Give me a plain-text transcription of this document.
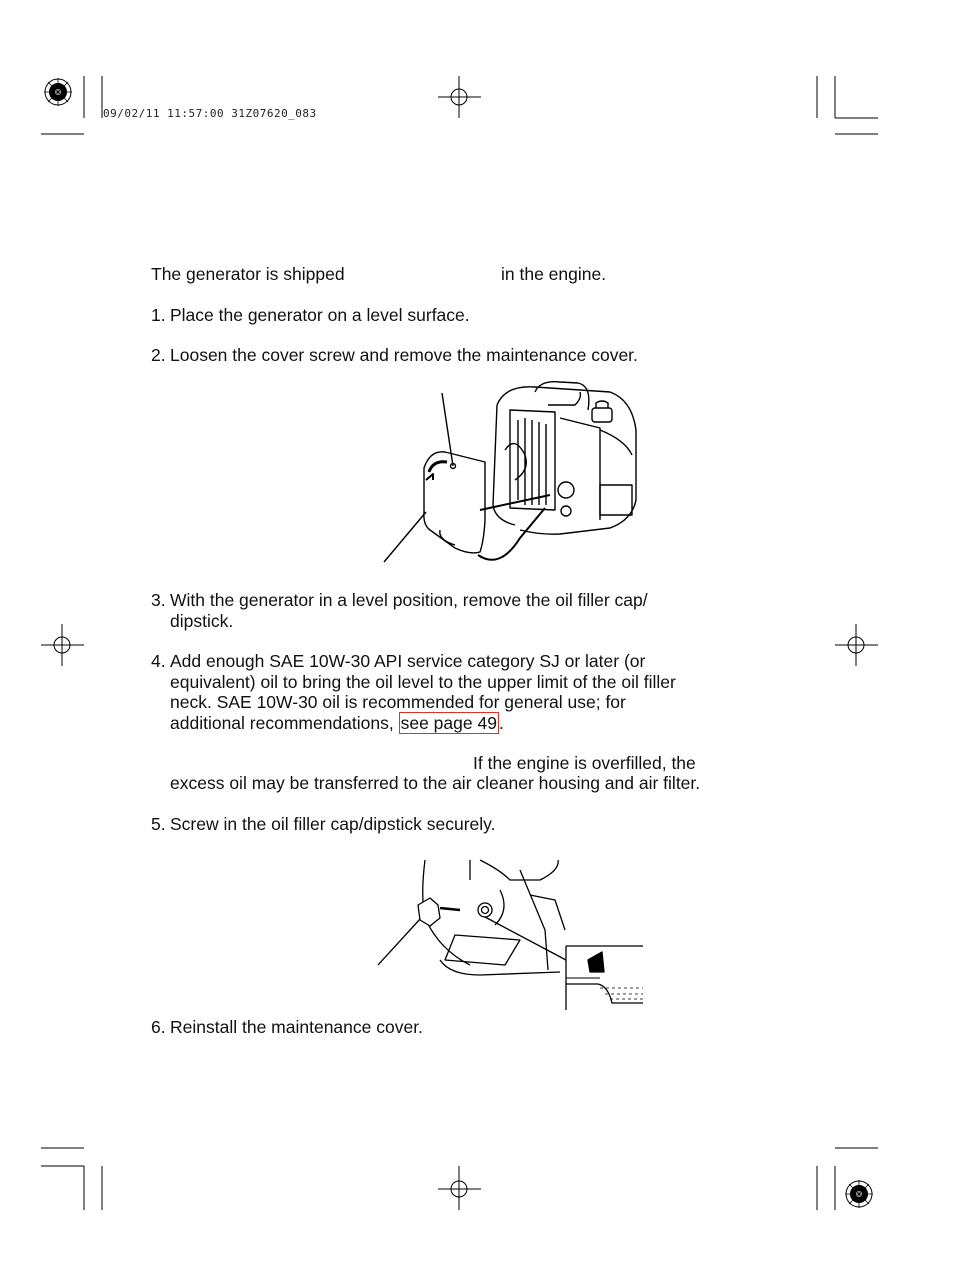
09/02/11 11:57:00 31Z07620_083
The generator is shipped	in the engine.
1. Place the generator on a level surface.
2. Loosen the cover screw and remove the maintenance cover.
3. With the generator in a level position, remove the oil filler cap/
dipstick.
4. Add enough SAE 10W-30 API service category SJ or later (or
equivalent) oil to bring the oil level to the upper limit of the oil filler
neck. SAE 10W-30 oil is recommended for general use; for
additional recommendations, see page 49 .
If the engine is overfilled, the
excess oil may be transferred to the air cleaner housing and air filter.
5. Screw in the oil filler cap/dipstick securely.
6. Reinstall the maintenance cover.
